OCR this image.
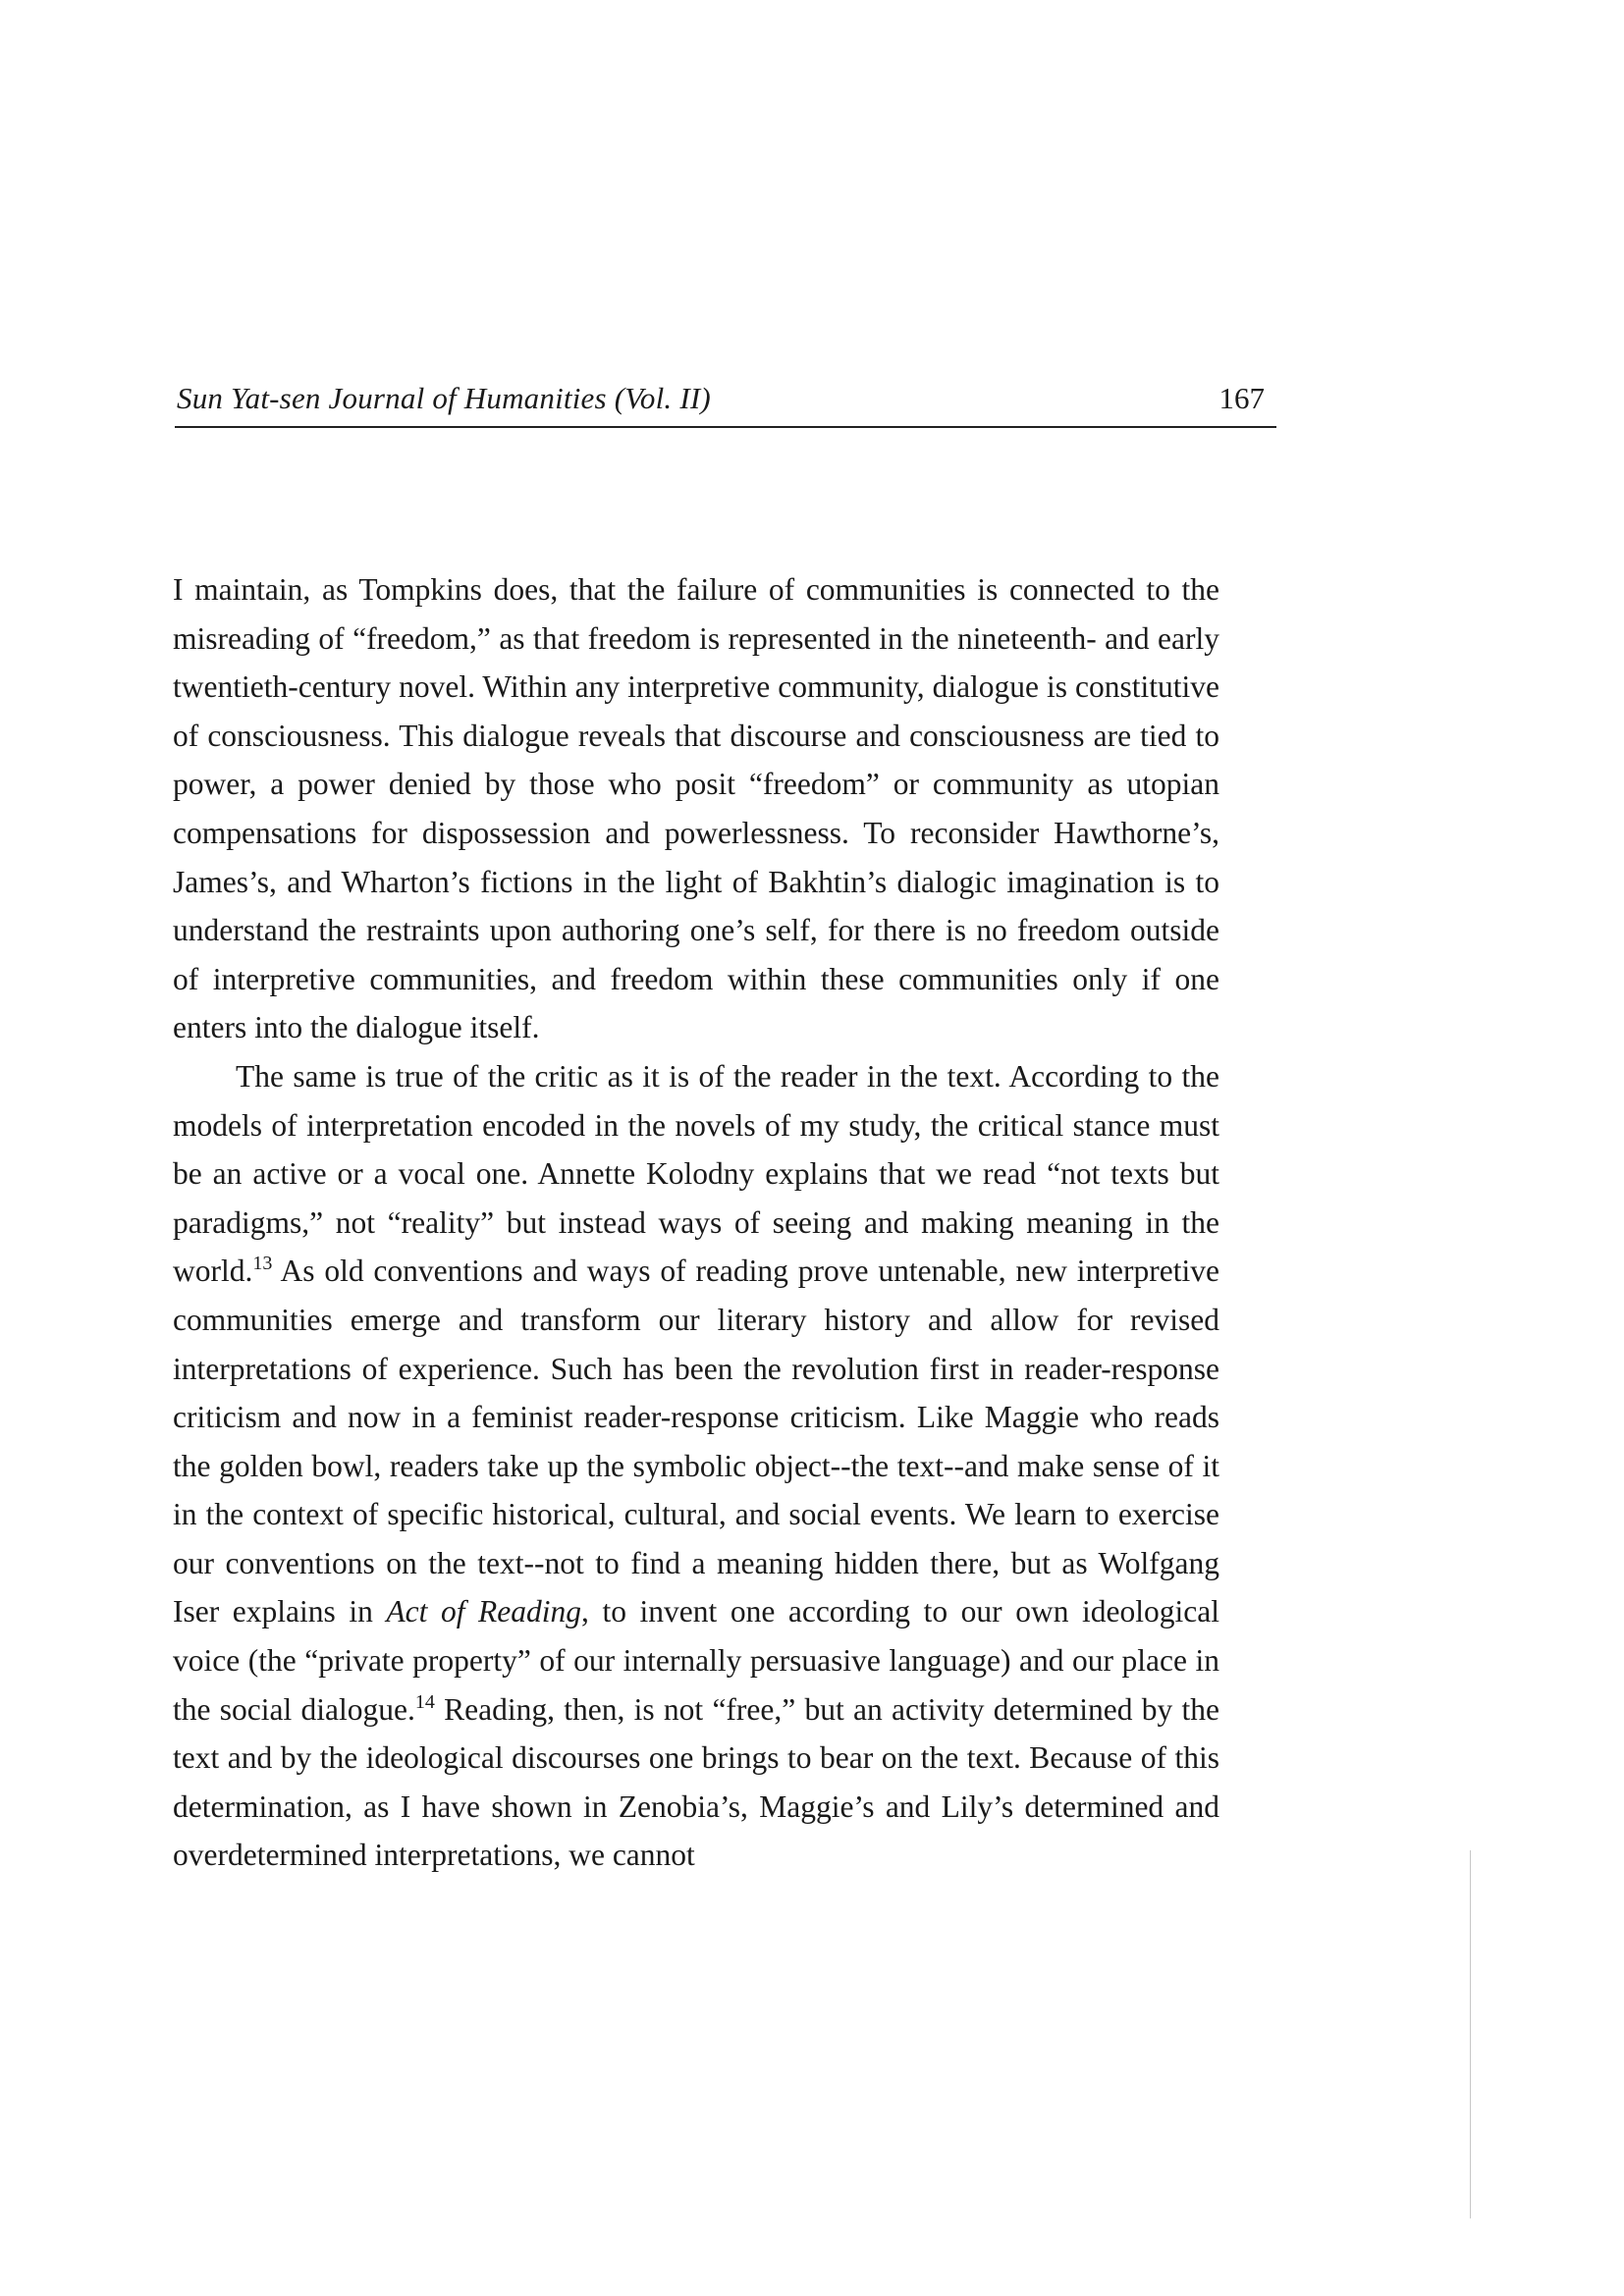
Sun Yat-sen Journal of Humanities (Vol. II)	167

I maintain, as Tompkins does, that the failure of communities is connected to the misreading of “freedom,” as that freedom is represented in the nineteenth- and early twentieth-century novel. Within any interpretive community, dialogue is constitutive of consciousness. This dialogue reveals that discourse and consciousness are tied to power, a power denied by those who posit “freedom” or community as utopian compensations for dispossession and powerlessness. To reconsider Hawthorne’s, James’s, and Wharton’s fictions in the light of Bakhtin’s dialogic imagination is to understand the restraints upon authoring one’s self, for there is no freedom outside of interpretive communities, and freedom within these communities only if one enters into the dialogue itself.

The same is true of the critic as it is of the reader in the text. According to the models of interpretation encoded in the novels of my study, the critical stance must be an active or a vocal one. Annette Kolodny explains that we read “not texts but paradigms,” not “reality” but instead ways of seeing and making meaning in the world.$^{13}$ As old conventions and ways of reading prove untenable, new interpretive communities emerge and transform our literary history and allow for revised interpretations of experience. Such has been the revolution first in reader-response criticism and now in a feminist reader-response criticism. Like Maggie who reads the golden bowl, readers take up the symbolic object--the text--and make sense of it in the context of specific historical, cultural, and social events. We learn to exercise our conventions on the text--not to find a meaning hidden there, but as Wolfgang Iser explains in Act of Reading, to invent one according to our own ideological voice (the “private property” of our internally persuasive language) and our place in the social dialogue.$^{14}$ Reading, then, is not “free,” but an activity determined by the text and by the ideological discourses one brings to bear on the text. Because of this determination, as I have shown in Zenobia’s, Maggie’s and Lily’s determined and overdetermined interpretations, we cannot
